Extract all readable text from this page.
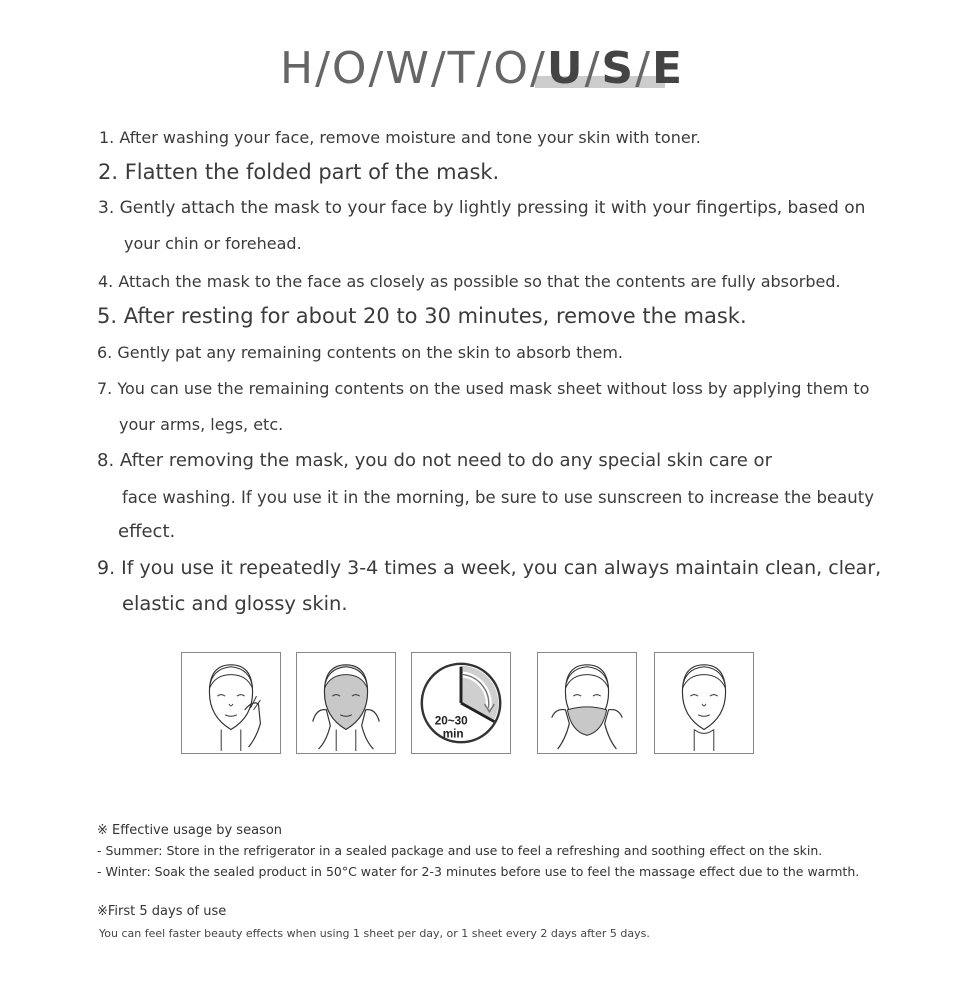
H/O/W/T/O/U/S/E
1. After washing your face, remove moisture and tone your skin with toner.
2. Flatten the folded part of the mask.
3. Gently attach the mask to your face by lightly pressing it with your fingertips, based on
your chin or forehead.
4. Attach the mask to the face as closely as possible so that the contents are fully absorbed.
5. After resting for about 20 to 30 minutes, remove the mask.
6. Gently pat any remaining contents on the skin to absorb them.
7. You can use the remaining contents on the used mask sheet without loss by applying them to
your arms, legs, etc.
8. After removing the mask, you do not need to do any special skin care or
face washing. If you use it in the morning, be sure to use sunscreen to increase the beauty
effect.
9. If you use it repeatedly 3-4 times a week, you can always maintain clean, clear,
elastic and glossy skin.
20~30
min
※ Effective usage by season
- Summer: Store in the refrigerator in a sealed package and use to feel a refreshing and soothing effect on the skin.
- Winter: Soak the sealed product in 50°C water for 2-3 minutes before use to feel the massage effect due to the warmth.
※First 5 days of use
You can feel faster beauty effects when using 1 sheet per day, or 1 sheet every 2 days after 5 days.
